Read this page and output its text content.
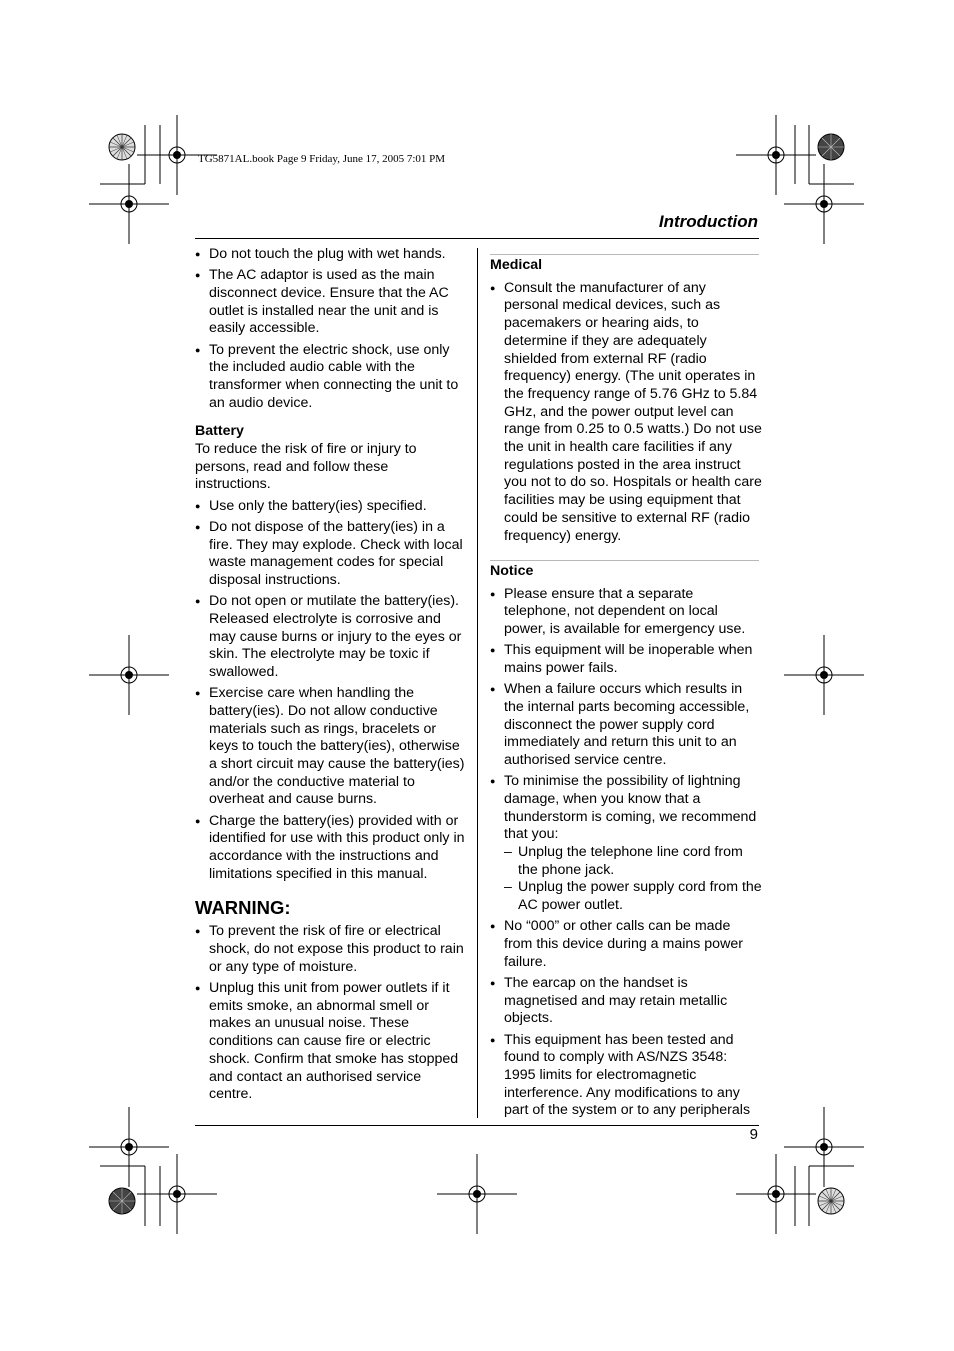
TG5871AL.book Page 9 Friday, June 17, 2005 7:01 PM
Introduction
● Do not touch the plug with wet hands.
● The AC adaptor is used as the main disconnect device. Ensure that the AC outlet is installed near the unit and is easily accessible.
● To prevent the electric shock, use only the included audio cable with the transformer when connecting the unit to an audio device.
Battery

To reduce the risk of fire or injury to persons, read and follow these instructions.

● Use only the battery(ies) specified.
● Do not dispose of the battery(ies) in a fire. They may explode. Check with local waste management codes for special disposal instructions.
● Do not open or mutilate the battery(ies). Released electrolyte is corrosive and may cause burns or injury to the eyes or skin. The electrolyte may be toxic if swallowed.
● Exercise care when handling the battery(ies). Do not allow conductive materials such as rings, bracelets or keys to touch the battery(ies), otherwise a short circuit may cause the battery(ies) and/or the conductive material to overheat and cause burns.
● Charge the battery(ies) provided with or identified for use with this product only in accordance with the instructions and limitations specified in this manual.
WARNING:
● To prevent the risk of fire or electrical shock, do not expose this product to rain or any type of moisture.
● Unplug this unit from power outlets if it emits smoke, an abnormal smell or makes an unusual noise. These conditions can cause fire or electric shock. Confirm that smoke has stopped and contact an authorised service centre.
Medical
● Consult the manufacturer of any personal medical devices, such as pacemakers or hearing aids, to determine if they are adequately shielded from external RF (radio frequency) energy. (The unit operates in the frequency range of 5.76 GHz to 5.84 GHz, and the power output level can range from 0.25 to 0.5 watts.) Do not use the unit in health care facilities if any regulations posted in the area instruct you not to do so. Hospitals or health care facilities may be using equipment that could be sensitive to external RF (radio frequency) energy.
Notice
● Please ensure that a separate telephone, not dependent on local power, is available for emergency use.
● This equipment will be inoperable when mains power fails.
● When a failure occurs which results in the internal parts becoming accessible, disconnect the power supply cord immediately and return this unit to an authorised service centre.
● To minimise the possibility of lightning damage, when you know that a thunderstorm is coming, we recommend that you:
– Unplug the telephone line cord from the phone jack.
– Unplug the power supply cord from the AC power outlet.
● No “000” or other calls can be made from this device during a mains power failure.
● The earcap on the handset is magnetised and may retain metallic objects.
● This equipment has been tested and found to comply with AS/NZS 3548: 1995 limits for electromagnetic interference. Any modifications to any part of the system or to any peripherals
9
